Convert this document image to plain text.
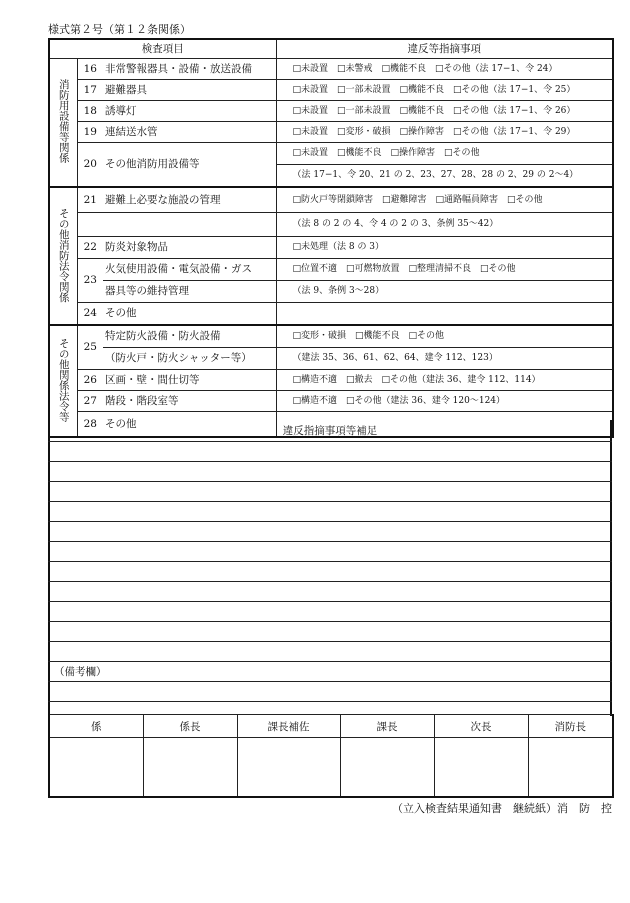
様式第２号（第１２条関係）
検査項目			違反等指摘事項
消防用設備等関係	16	非常警報器具・設備・放送設備	□未設置　□未警戒　□機能不良　□その他（法 17−1、令 24）
	17	避難器具	□未設置　□一部未設置　□機能不良　□その他（法 17−1、令 25）
	18	誘導灯	□未設置　□一部未設置　□機能不良　□その他（法 17−1、令 26）
	19	連結送水管	□未設置　□変形・破損　□操作障害　□その他（法 17−1、令 29）
	20	その他消防用設備等	□未設置　□機能不良　□操作障害　□その他
			（法 17−1、令 20、21 の 2、23、27、28、28 の 2、29 の 2〜4）
その他消防法令関係	21	避難上必要な施設の管理	□防火戸等閉鎖障害　□避難障害　□通路幅員障害　□その他
			（法 8 の 2 の 4、令 4 の 2 の 3、条例 35〜42）
	22	防炎対象物品	□未処理（法 8 の 3）
	23	火気使用設備・電気設備・ガス	□位置不適　□可燃物放置　□整理清掃不良　□その他
		器具等の維持管理	（法 9、条例 3〜28）
	24	その他	
その他関係法令等	25	特定防火設備・防火設備	□変形・破損　□機能不良　□その他
		（防火戸・防火シャッター等）	（建法 35、36、61、62、64、建令 112、123）
	26	区画・壁・間仕切等	□構造不適　□撤去　□その他（建法 36、建令 112、114）
	27	階段・階段室等	□構造不適　□その他（建法 36、建令 120〜124）
	28	その他	
違反指摘事項等補足
（備考欄）
係	係長	課長補佐	課長	次長	消防長

（立入検査結果通知書　継続紙）消　防　控
